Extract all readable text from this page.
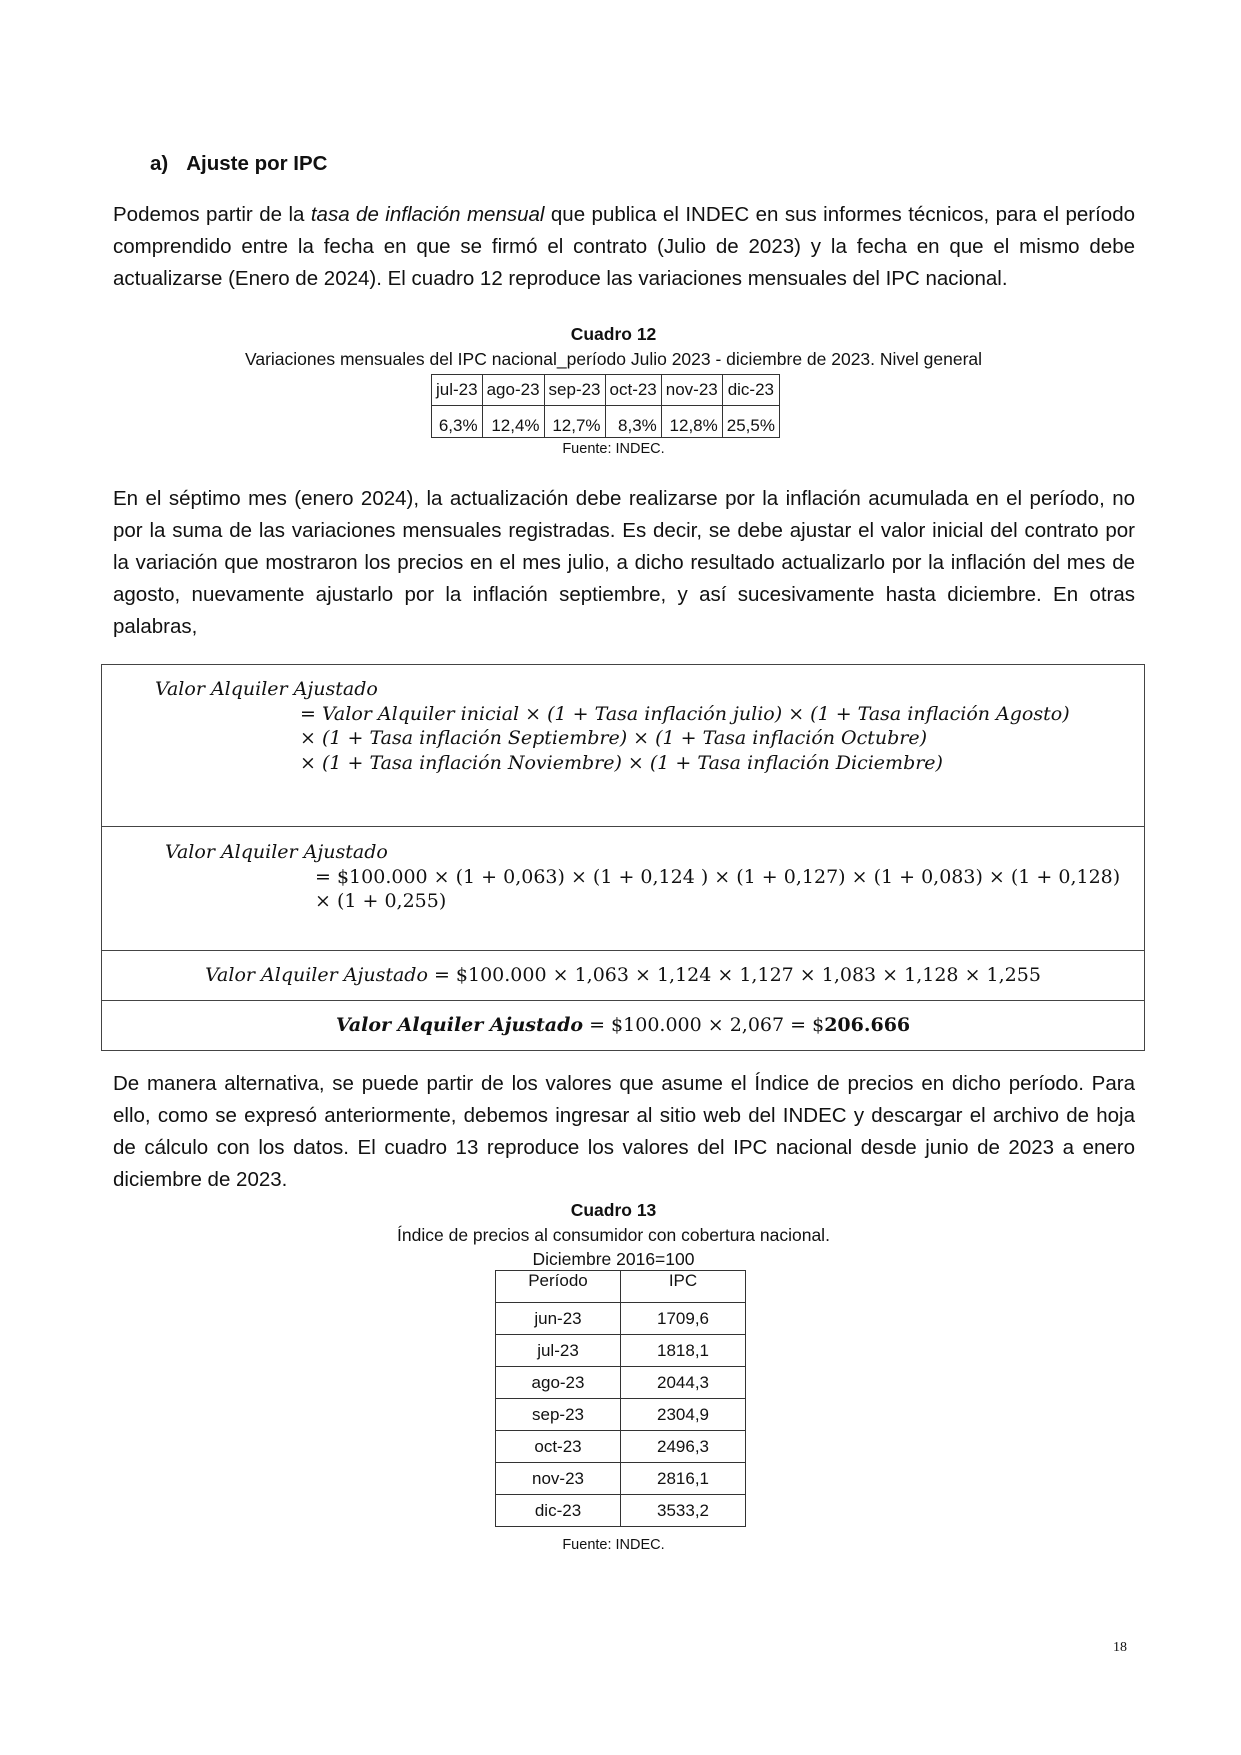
a) Ajuste por IPC

Podemos partir de la tasa de inflación mensual que publica el INDEC en sus informes técnicos, para el período comprendido entre la fecha en que se firmó el contrato (Julio de 2023) y la fecha en que el mismo debe actualizarse (Enero de 2024). El cuadro 12 reproduce las variaciones mensuales del IPC nacional.

Cuadro 12

Variaciones mensuales del IPC nacional_período Julio 2023 - diciembre de 2023. Nivel general

jul-23	ago-23	sep-23	oct-23	nov-23	dic-23
6,3%	12,4%	12,7%	8,3%	12,8%	25,5%

Fuente: INDEC.

En el séptimo mes (enero 2024), la actualización debe realizarse por la inflación acumulada en el período, no por la suma de las variaciones mensuales registradas. Es decir, se debe ajustar el valor inicial del contrato por la variación que mostraron los precios en el mes julio, a dicho resultado actualizarlo por la inflación del mes de agosto, nuevamente ajustarlo por la inflación septiembre, y así sucesivamente hasta diciembre. En otras palabras,

Valor Alquiler Ajustado
= Valor Alquiler inicial × (1 + Tasa inflación julio) × (1 + Tasa inflación Agosto)
× (1 + Tasa inflación Septiembre) × (1 + Tasa inflación Octubre)
× (1 + Tasa inflación Noviembre) × (1 + Tasa inflación Diciembre)
Valor Alquiler Ajustado
= $100.000 × (1 + 0,063) × (1 + 0,124 ) × (1 + 0,127) × (1 + 0,083) × (1 + 0,128)
× (1 + 0,255)
Valor Alquiler Ajustado = $100.000 × 1,063 × 1,124 × 1,127 × 1,083 × 1,128 × 1,255
Valor Alquiler Ajustado = $100.000 × 2,067 = $206.666

De manera alternativa, se puede partir de los valores que asume el Índice de precios en dicho período. Para ello, como se expresó anteriormente, debemos ingresar al sitio web del INDEC y descargar el archivo de hoja de cálculo con los datos. El cuadro 13 reproduce los valores del IPC nacional desde junio de 2023 a enero diciembre de 2023.

Cuadro 13

Índice de precios al consumidor con cobertura nacional.

Diciembre 2016=100

Período	IPC
jun-23	1709,6
jul-23	1818,1
ago-23	2044,3
sep-23	2304,9
oct-23	2496,3
nov-23	2816,1
dic-23	3533,2

Fuente: INDEC.

18
